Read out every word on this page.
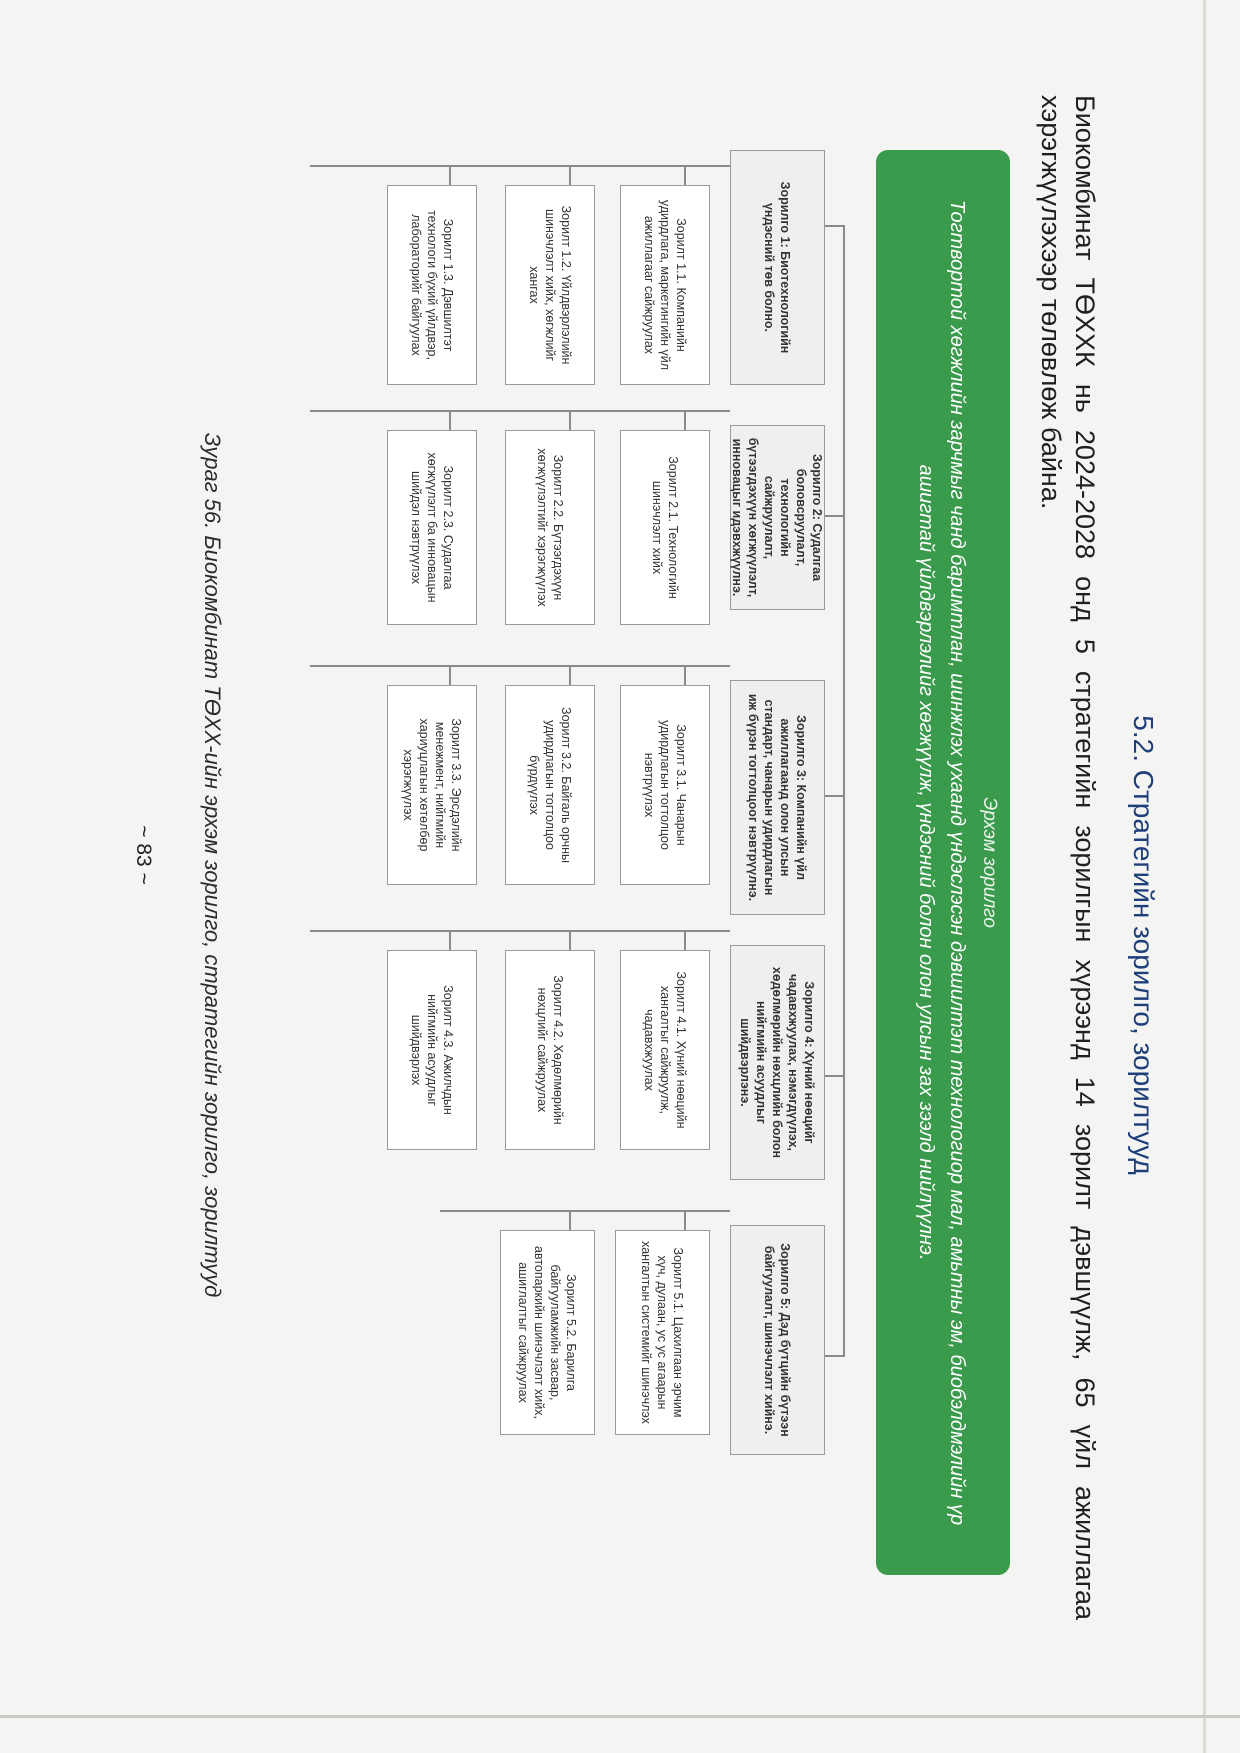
5.2. Стратегийн зорилго, зорилтууд
Биокомбинат ТӨХХК нь 2024-2028 онд 5 стратегийн зорилгын хүрээнд 14 зорилт дэвшүүлж, 65 үйл ажиллагаа хэрэгжүүлэхээр төлөвлөж байна.
Эрхэм зорилго
Тогтвортой хөгжлийн зарчмыг чанд баримтлан, шинжлэх ухаанд үндэслэсэн дэвшилтэт технологиор мал, амьтны эм, биобэлдмэлийн үр ашигтай үйлдвэрлэлийг хөгжүүлж, үндэсний болон олон улсын зах зээлд нийлүүлнэ.
Зорилго 1: Биотехнологийн үндэсний төв болно.
Зорилт 1.1. Компанийн удирдлага, маркетингийн үйл ажиллагааг сайжруулах
Зорилт 1.2. Үйлдвэрлэлийн шинэчлэлт хийх, хөгжлийг хангах
Зорилт 1.3. Дэвшилтэт технологи бүхий үйлдвэр, лабораторийг байгуулах
Зорилго 2: Судалгаа боловсруулалт, технологийн сайжруулалт, бүтээгдэхүүн хөгжүүлэлт, инновацыг идэвхжүүлнэ.
Зорилт 2.1. Технологийн шинэчлэлт хийх
Зорилт 2.2. Бүтээгдэхүүн хөгжүүлэлтийг хэрэгжүүлэх
Зорилт 2.3. Судалгаа хөгжүүлэлт ба инновацын шийдэл нэвтрүүлэх
Зорилго 3: Компанийн үйл ажиллагаанд олон улсын стандарт, чанарын удирдлагын иж бүрэн тогтолцоог нэвтрүүлнэ.
Зорилт 3.1. Чанарын удирдлагын тогтолцоо нэвтрүүлэх
Зорилт 3.2. Байгаль орчны удирдлагын тогтолцоо бүрдүүлэх
Зорилт 3.3. Эрсдэлийн менежмент, нийгмийн хариуцлагын хөтөлбөр хэрэгжүүлэх
Зорилго 4: Хүний нөөцийг чадавхжуулах, нэмэгдүүлэх, хөдөлмөрийн нөхцлийн болон нийгмийн асуудлыг шийдвэрлэнэ.
Зорилт 4.1. Хүний нөөцийн хангалтыг сайжруулж, чадавхжуулах
Зорилт 4.2. Хөдөлмөрийн нөхцлийг сайжруулах
Зорилт 4.3. Ажилчдын нийгмийн асуудлыг шийдвэрлэх
Зорилго 5: Дэд бүтцийн бүтээн байгуулалт, шинэчлэлт хийнэ.
Зорилт 5.1. Цахилгаан эрчим хүч, дулаан, ус ус агаарын хангалтын системийг шинэчлэх
Зорилт 5.2. Барилга байгууламжийн засвар, автопаркийн шинэчлэлт хийх, ашиглалтыг сайжруулах
Зураг 56. Биокомбинат ТӨХХ-ийн эрхэм зорилго, стратегийн зорилго, зорилтууд
~ 83 ~
